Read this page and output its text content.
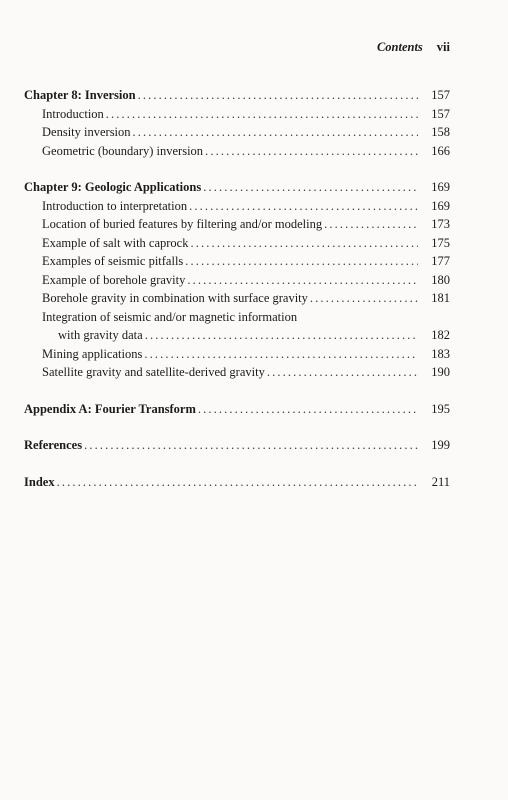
Contents vii
Chapter 8: Inversion . . .	157
Introduction . . .	157
Density inversion . . .	158
Geometric (boundary) inversion . . .	166
Chapter 9: Geologic Applications . . .	169
Introduction to interpretation . . .	169
Location of buried features by filtering and/or modeling . . .	173
Example of salt with caprock . . .	175
Examples of seismic pitfalls . . .	177
Example of borehole gravity . . .	180
Borehole gravity in combination with surface gravity . . .	181
Integration of seismic and/or magnetic information
with gravity data . . .	182
Mining applications . . .	183
Satellite gravity and satellite-derived gravity . . .	190
Appendix A: Fourier Transform . . .	195
References . . .	199
Index . . .	211
